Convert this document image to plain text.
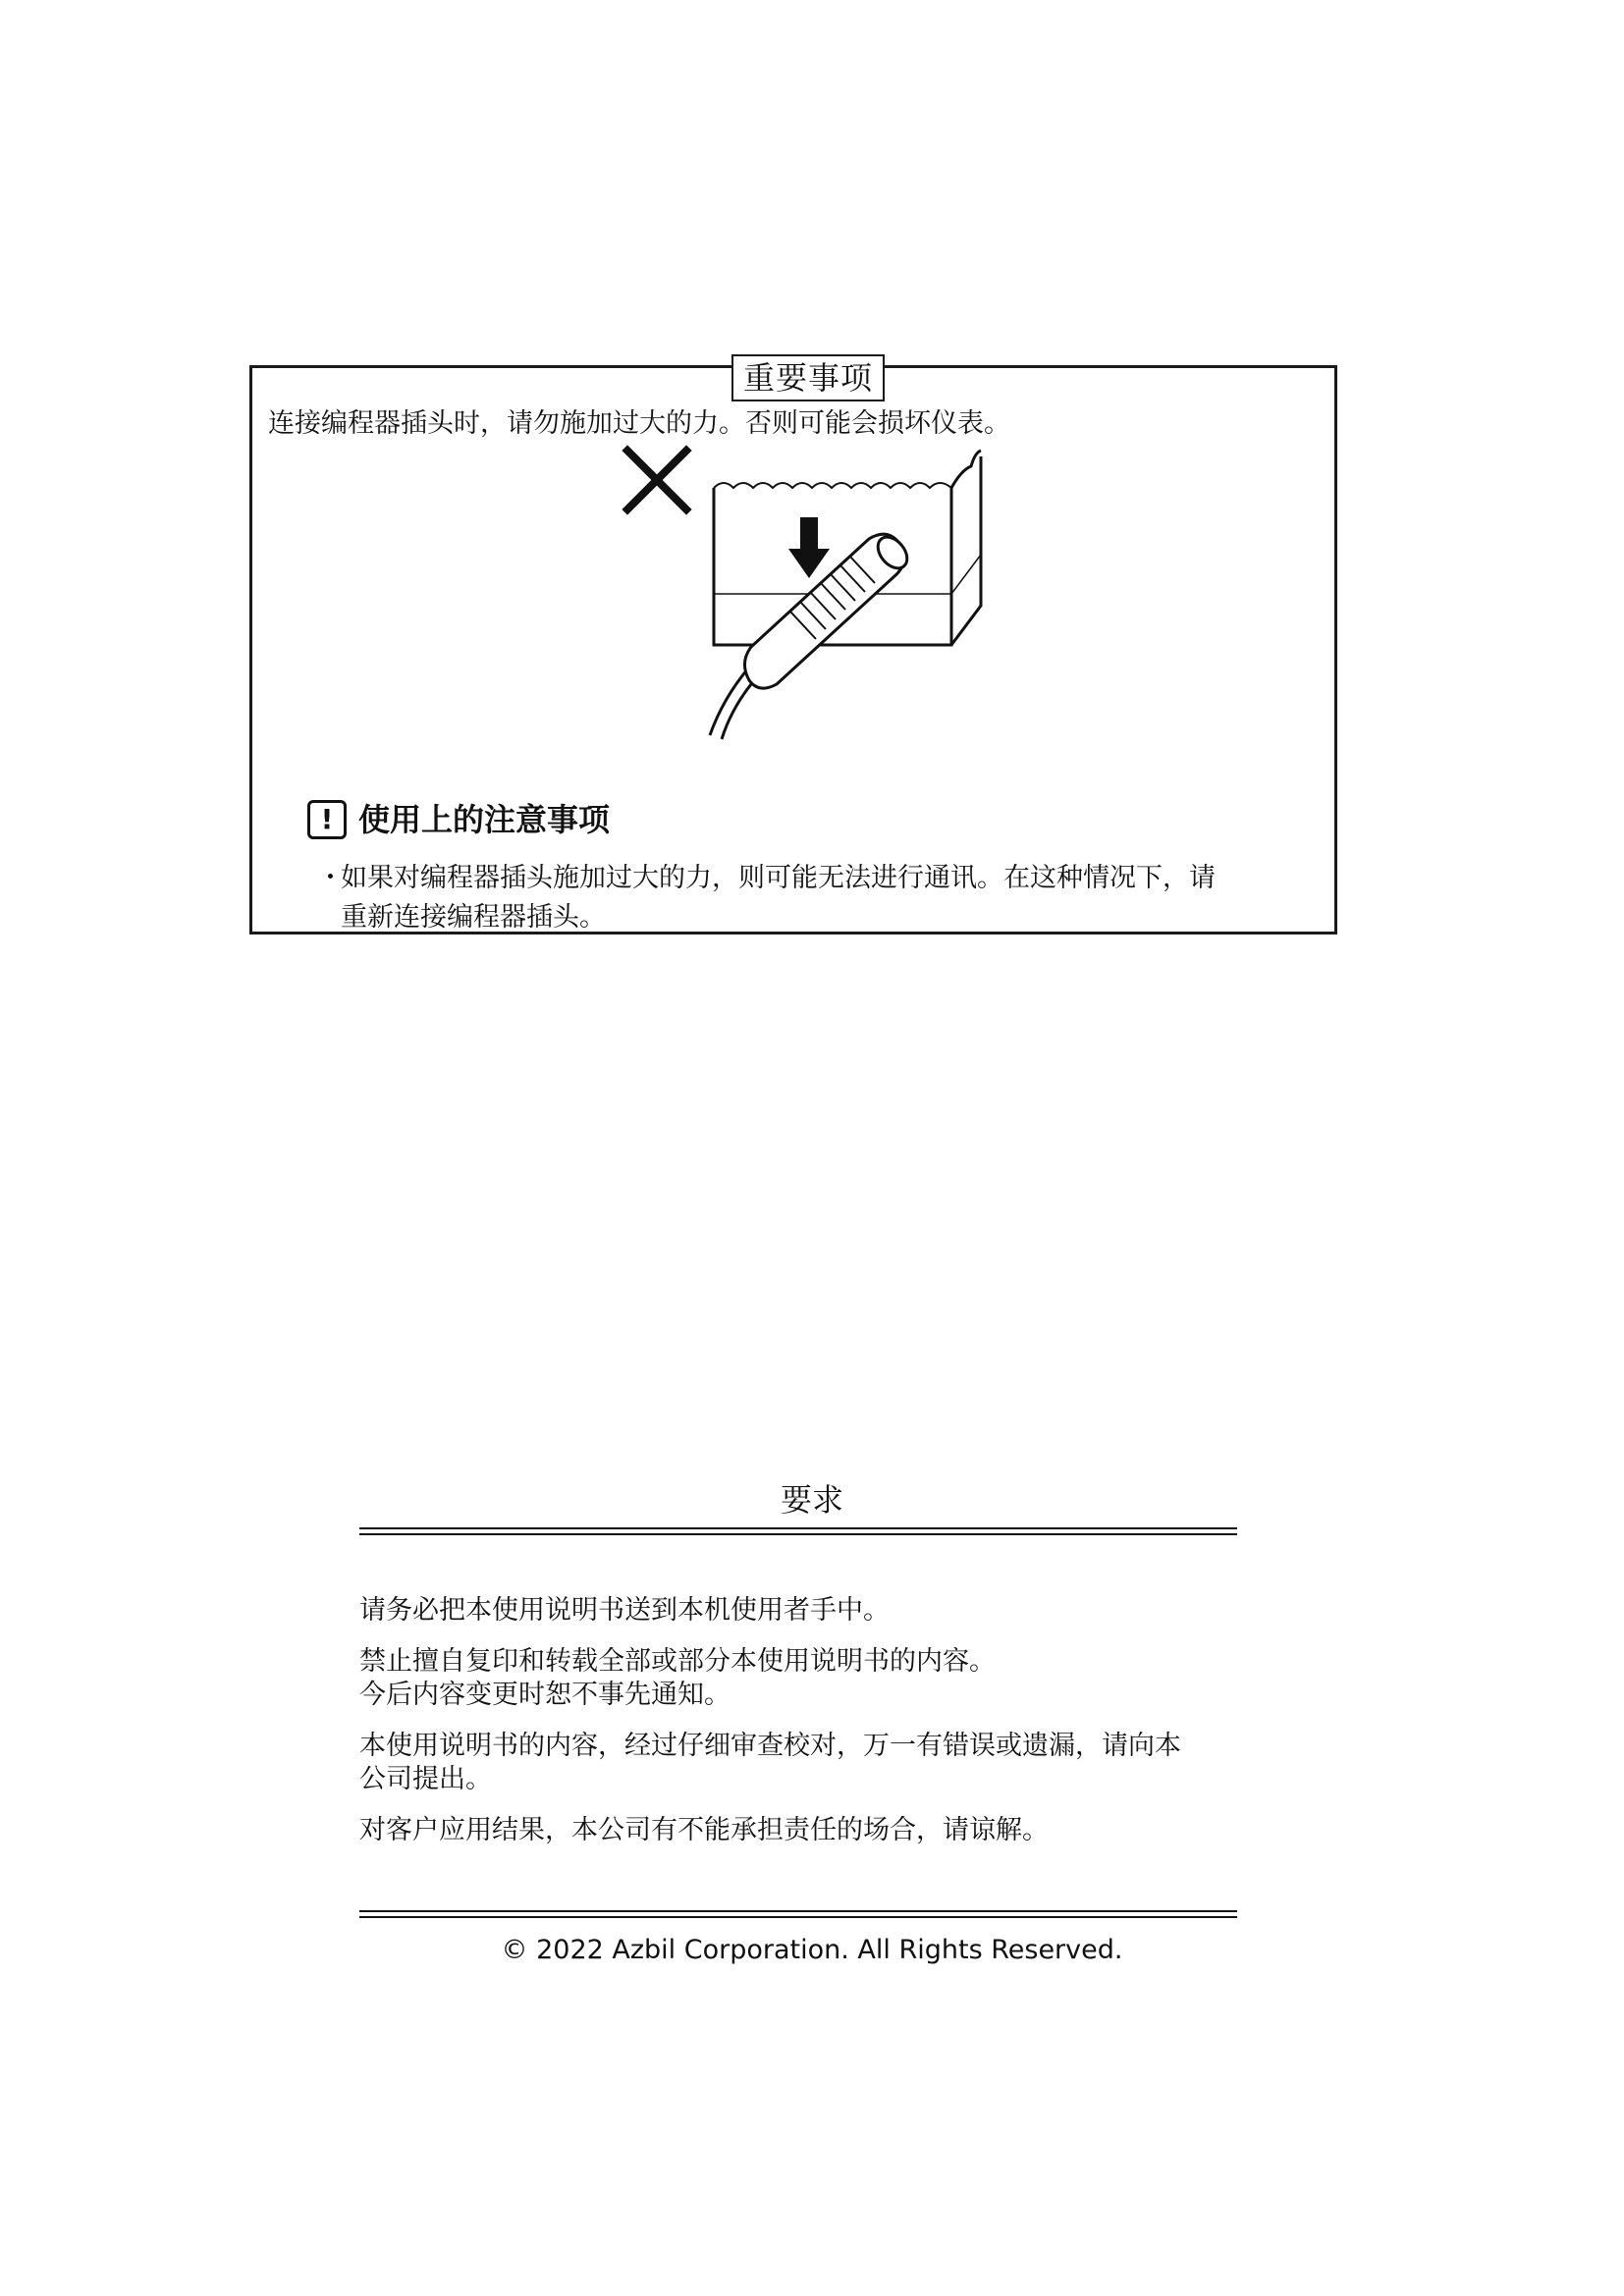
重要事项
连接编程器插头时，请勿施加过大的力。否则可能会损坏仪表。
! 使用上的注意事项
・
如果对编程器插头施加过大的力，则可能无法进行通讯。在这种情况下，请
重新连接编程器插头。
要求

请务必把本使用说明书送到本机使用者手中。

禁止擅自复印和转载全部或部分本使用说明书的内容。
今后内容变更时恕不事先通知。

本使用说明书的内容，经过仔细审查校对，万一有错误或遗漏，请向本
公司提出。

对客户应用结果，本公司有不能承担责任的场合，请谅解。

© 2022 Azbil Corporation. All Rights Reserved.
